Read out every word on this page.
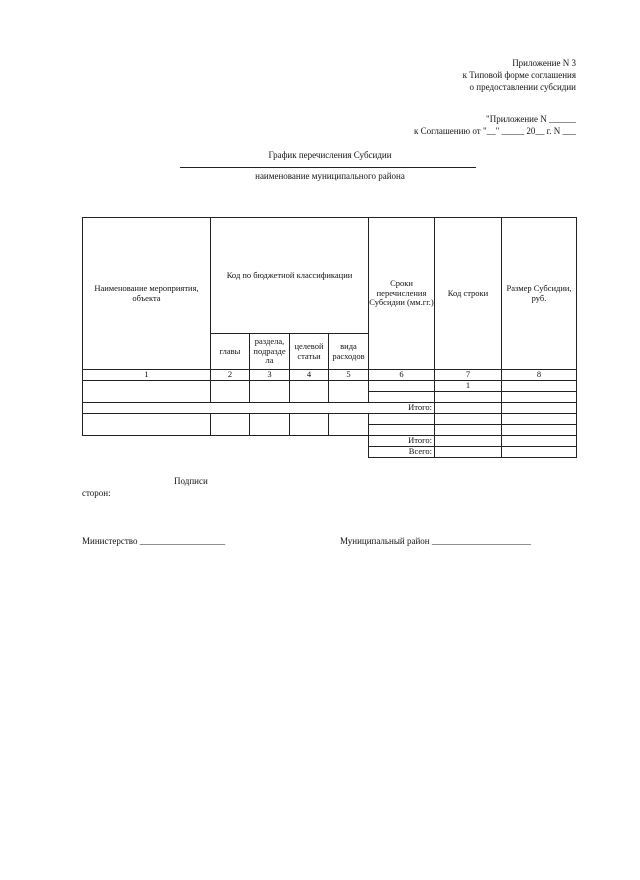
Приложение N 3
к Типовой форме соглашения
о предоставлении субсидии
"Приложение N ______
к Соглашению от "__" _____ 20__ г. N ___
График перечисления Субсидии
наименование муниципального района
Наименование мероприятия, объекта	Код по бюджетной классификации				Сроки перечисления Субсидии (мм.гг.)	Код строки	Размер Субсидии, руб.
	главы	раздела, подразде ла	целевой статьи	вида расходов			
1	2	3	4	5	6	7	8
						1	

Итого:							

					Итого:		
					Всего:		
Подписи
сторон:
Министерство ___________________	Муниципальный район ______________________
